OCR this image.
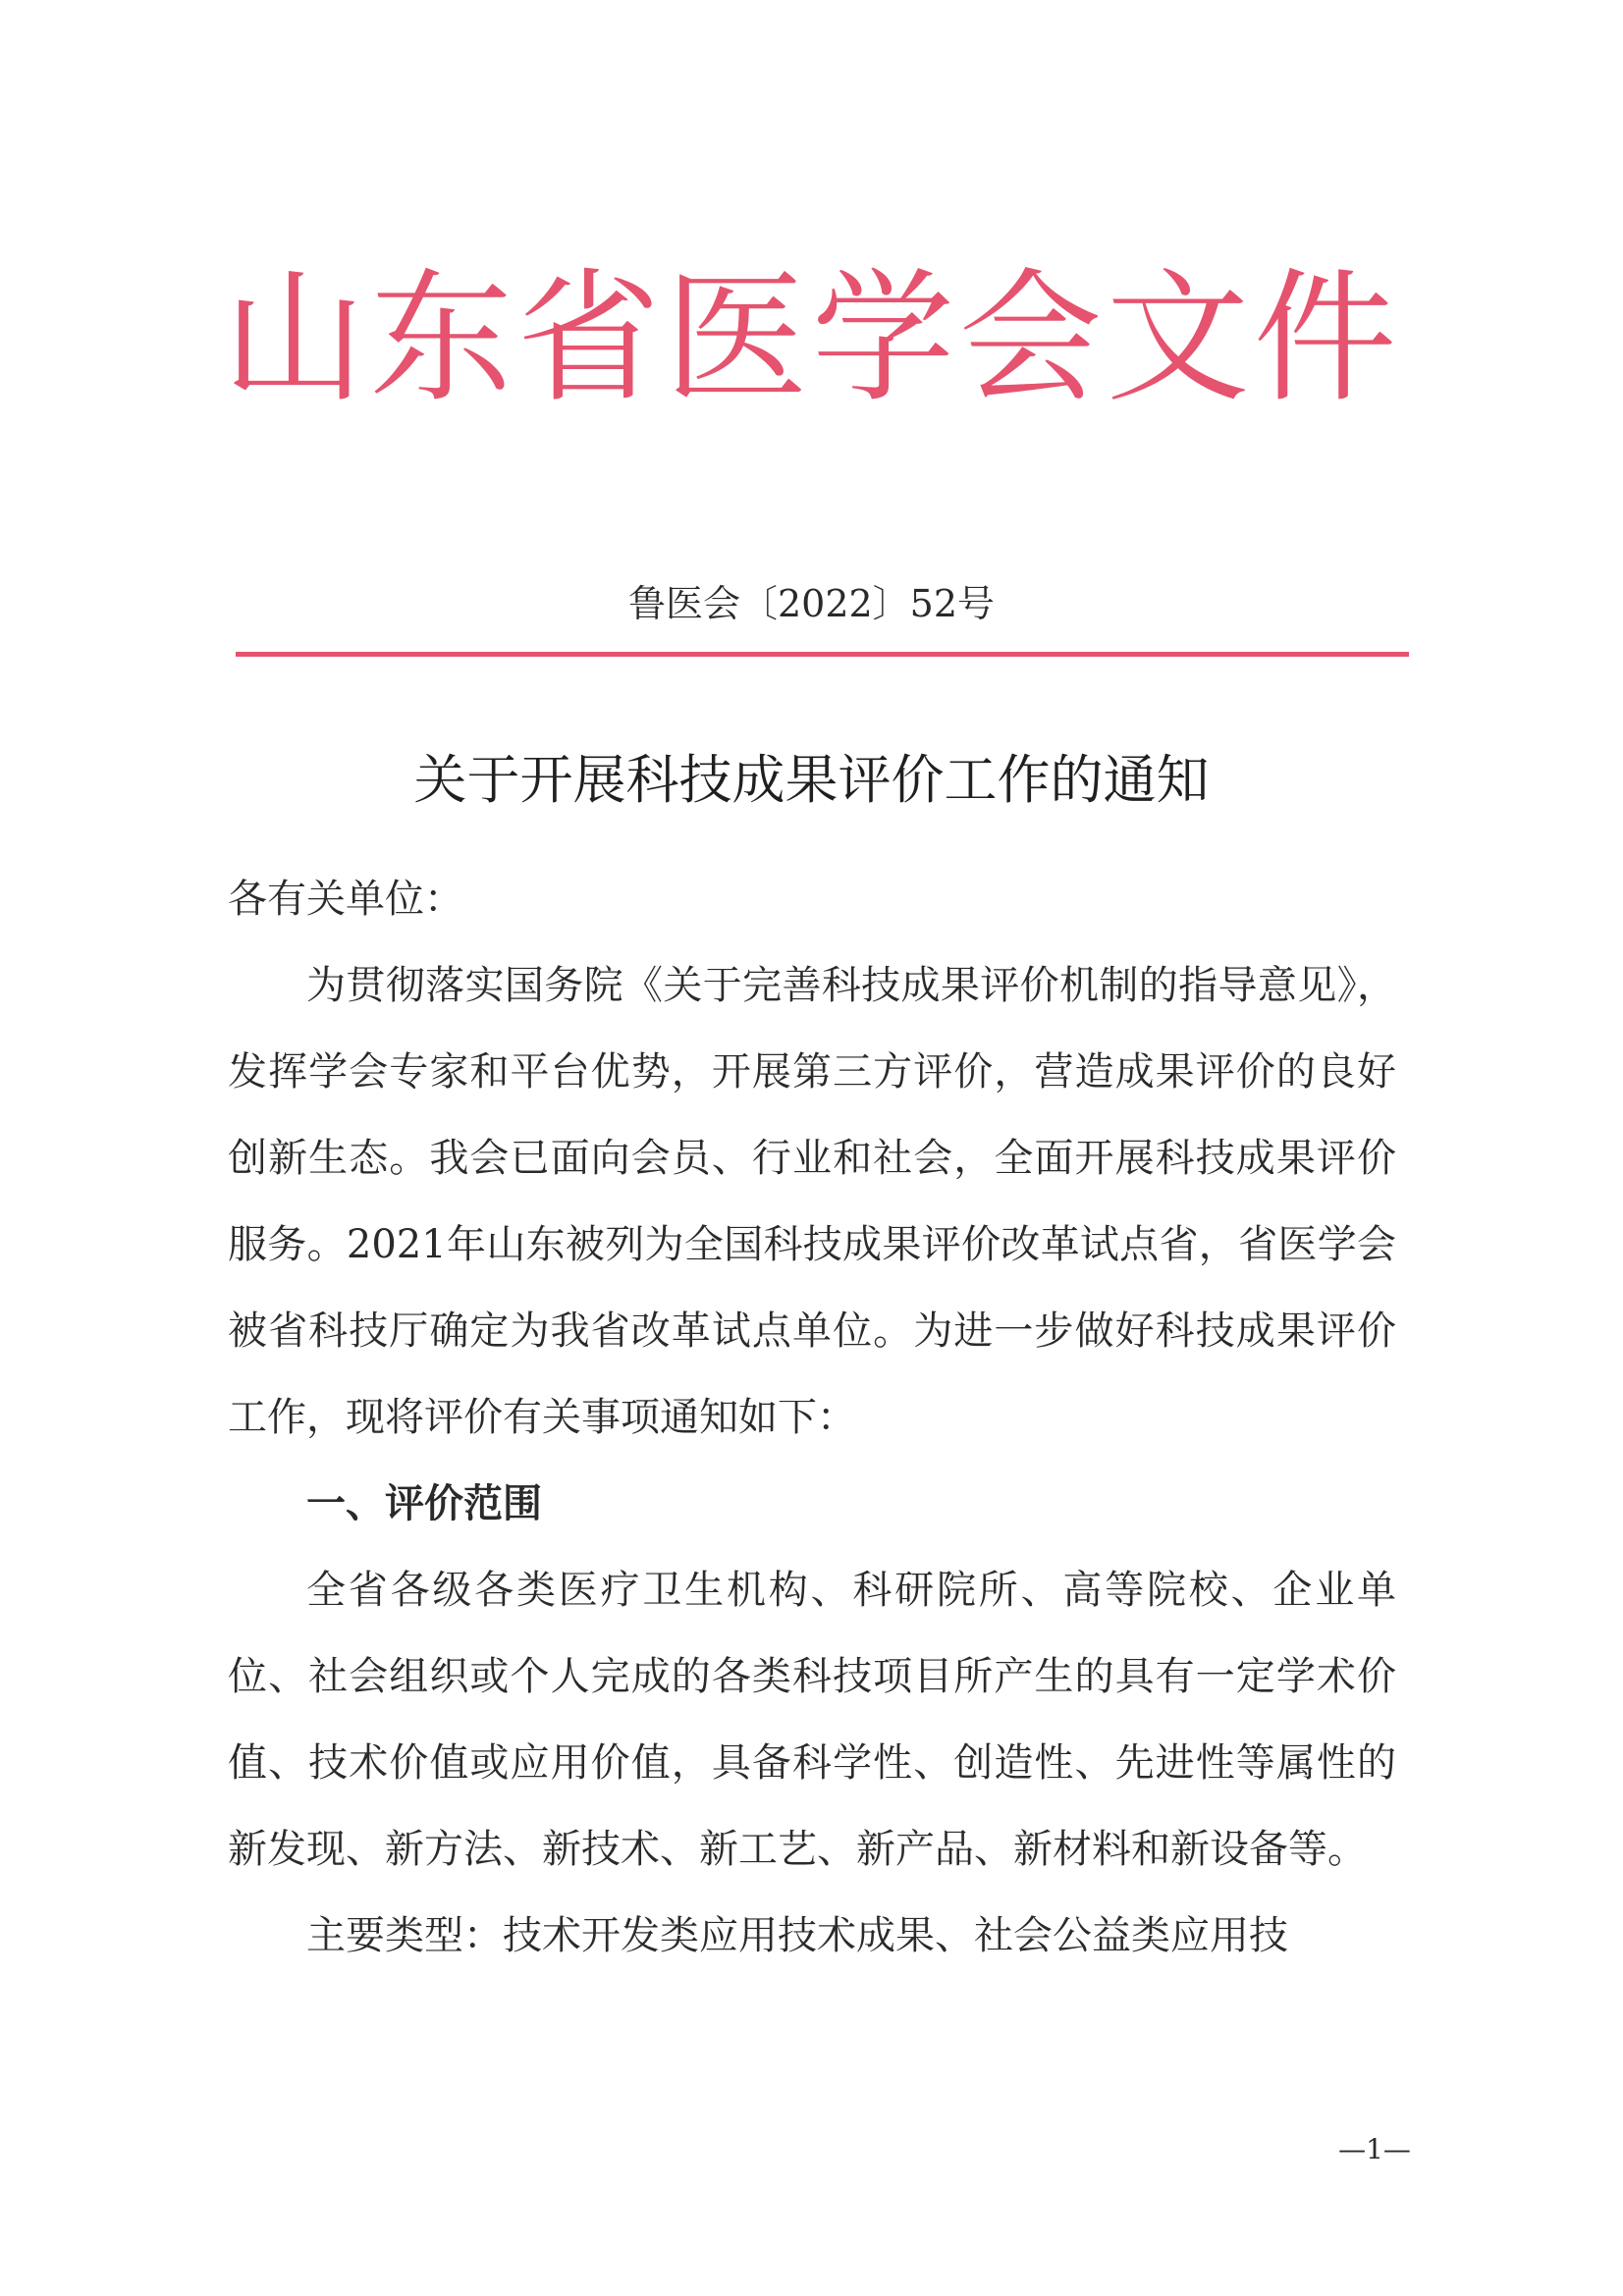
山东省医学会文件
鲁医会〔2022〕52号
关于开展科技成果评价工作的通知

各有关单位：

为贯彻落实国务院《关于完善科技成果评价机制的指导意见》，发挥学会专家和平台优势，开展第三方评价，营造成果评价的良好创新生态。我会已面向会员、行业和社会，全面开展科技成果评价服务。2021年山东被列为全国科技成果评价改革试点省，省医学会被省科技厅确定为我省改革试点单位。为进一步做好科技成果评价工作，现将评价有关事项通知如下：

一、评价范围

全省各级各类医疗卫生机构、科研院所、高等院校、企业单位、社会组织或个人完成的各类科技项目所产生的具有一定学术价值、技术价值或应用价值，具备科学性、创造性、先进性等属性的新发现、新方法、新技术、新工艺、新产品、新材料和新设备等。

主要类型：技术开发类应用技术成果、社会公益类应用技

—1—
